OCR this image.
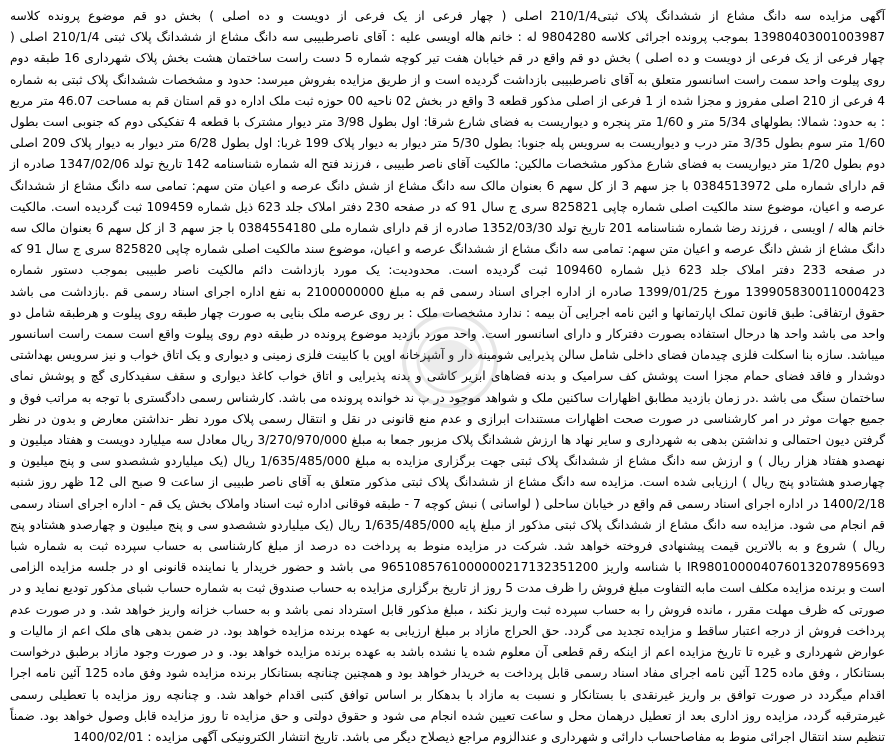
آگهی مزایده سه دانگ مشاع از ششدانگ پلاک ثبتی210/1/4 اصلی ( چهار فرعی از یک فرعی از دویست و ده اصلی ) بخش دو قم موضوع پرونده کلاسه 13980403001003987 بموجب پرونده اجرائی کلاسه 9804280 له : خانم هاله اویسی علیه : آقای ناصرطبیبی سه دانگ مشاع از ششدانگ پلاک ثبتی 210/1/4 اصلی ( چهار فرعی از یک فرعی از دویست و ده اصلی ) بخش دو قم واقع در قم خیابان هفت تیر کوچه شماره 5 دست راست ساختمان هشت بخش پلاک شهرداری 16 طبقه دوم روی پیلوت واحد سمت راست اسانسور متعلق به آقای ناصرطبیبی بازداشت گردیده است و از طریق مزایده بفروش میرسد: حدود و مشخصات ششدانگ پلاک ثبتی به شماره 4 فرعی از 210 اصلی مفروز و مجزا شده از 1 فرعی از اصلی مذکور قطعه 3 واقع در بخش 02 ناحیه 00 حوزه ثبت ملک اداره دو قم استان قم به مساحت 46.07 متر مربع : به حدود: شمالا: بطولهای 5/34 متر و 1/60 متر پنجره و دیواریست به فضای شارع شرقا: اول بطول 3/98 متر دیوار مشترک با قطعه 4 تفکیکی دوم که جنوبی است بطول 1/60 متر سوم بطول 3/35 متر درب و دیواریست به سرویس پله جنوبا: بطول 5/30 متر دیوار به دیوار پلاک 199 غربا: اول بطول 6/28 متر دیوار به دیوار پلاک 209 اصلی دوم بطول 1/20 متر دیواریست به فضای شارع مذکور مشخصات مالکین: مالکیت آقای ناصر طبیبی ، فرزند فتح اله شماره شناسنامه 142 تاریخ تولد 1347/02/06 صادره از قم دارای شماره ملی 0384513972 با جز سهم 3 از کل سهم 6 بعنوان مالک سه دانگ مشاع از شش دانگ عرصه و اعیان متن سهم: تمامی سه دانگ مشاع از ششدانگ عرصه و اعیان، موضوع سند مالکیت اصلی شماره چاپی 825821 سری ج سال 91 که در صفحه 230 دفتر املاک جلد 623 ذیل شماره 109459 ثبت گردیده است. مالکیت خانم هاله / اویسی ، فرزند رضا شماره شناسنامه 201 تاریخ تولد 1352/03/30 صادره از قم دارای شماره ملی 0384554180 با جز سهم 3 از کل سهم 6 بعنوان مالک سه دانگ مشاع از شش دانگ عرصه و اعیان متن سهم: تمامی سه دانگ مشاع از ششدانگ عرصه و اعیان، موضوع سند مالکیت اصلی شماره چاپی 825820 سری ج سال 91 که در صفحه 233 دفتر املاک جلد 623 ذیل شماره 109460 ثبت گردیده است. محدودیت: یک مورد بازداشت دائم مالکیت ناصر طبیبی بموجب دستور شماره 139905830011000423 مورخ 1399/01/25 صادره از اداره اجرای اسناد رسمی قم به مبلغ 2100000000 به نفع اداره اجرای اسناد رسمی قم .بازداشت می باشد حقوق ارتفاقی: طبق قانون تملک اپارتمانها و ائین نامه اجرایی آن بیمه : ندارد مشخصات ملک : بر روی عرصه ملک بنایی به صورت چهار طبقه روی پیلوت و هرطبقه شامل دو واحد می باشد واحد ها درحال استفاده بصورت دفترکار و دارای اسانسور است. واحد مورد بازدید موضوع پرونده در طبقه دوم روی پیلوت واقع است سمت راست اسانسور میباشد. سازه بنا اسکلت فلزی چیدمان فضای داخلی شامل سالن پذیرایی شومینه دار و آشپزخانه اوپن با کابینت فلزی زمینی و دیواری و یک اتاق خواب و نیز سرویس بهداشتی دوشدار و فاقد فضای حمام مجزا است پوشش کف سرامیک و بدنه فضاهای ابزیر کاشی و بدنه پذیرایی و اتاق خواب کاغذ دیواری و سقف سفیدکاری گچ و پوشش نمای ساختمان سنگ می باشد .در زمان بازدید مطابق اظهارات ساکنین ملک و شواهد موجود در پ ند خوانده پرونده می باشد. کارشناس رسمی دادگستری با توجه به مراتب فوق و جمیع جهات موثر در امر کارشناسی در صورت صحت اظهارات مستندات ابرازی و عدم منع قانونی در نقل و انتقال رسمی پلاک مورد نظر -نداشتن معارض و بدون در نظر گرفتن دیون احتمالی و نداشتن بدهی به شهرداری و سایر نهاد ها ارزش ششدانگ پلاک مزبور جمعا به مبلغ 3/270/970/000 ریال معادل سه میلیارد دویست و هفتاد میلیون و نهصدو هفتاد هزار ریال ) و ارزش سه دانگ مشاع از ششدانگ پلاک ثبتی جهت برگزاری مزایده به مبلغ 1/635/485/000 ریال (یک میلیاردو ششصدو سی و پنج میلیون و چهارصدو هشتادو پنج ریال ) ارزیابی شده است. مزایده سه دانگ مشاع از ششدانگ پلاک ثبتی مذکور متعلق به آقای ناصر طبیبی از ساعت 9 صبح الی 12 ظهر روز شنبه 1400/2/18 در اداره اجرای اسناد رسمی قم واقع در خیابان ساحلی ( لواسانی ) نبش کوچه 7 - طبقه فوقانی اداره ثبت اسناد واملاک بخش یک قم - اداره اجرای اسناد رسمی قم انجام می شود. مزایده سه دانگ مشاع از ششدانگ پلاک ثبتی مذکور از مبلغ پایه 1/635/485/000 ریال (یک میلیاردو ششصدو سی و پنج میلیون و چهارصدو هشتادو پنج ریال ) شروع و به بالاترین قیمت پیشنهادی فروخته خواهد شد. شرکت در مزایده منوط به پرداخت ده درصد از مبلغ کارشناسی به حساب سپرده ثبت به شماره شبا IR980100004076013207895693 با شناسه واریز 9651085761000000217132351200 می باشد و حضور خریدار یا نماینده قانونی او در جلسه مزایده الزامی است و برنده مزایده مکلف است مابه التفاوت مبلغ فروش را ظرف مدت 5 روز از تاریخ برگزاری مزایده به حساب صندوق ثبت به شماره حساب شبای مذکور تودیع نماید و در صورتی که ظرف مهلت مقرر ، مانده فروش را به حساب سپرده ثبت واریز نکند ، مبلغ مذکور قابل استرداد نمی باشد و به حساب خزانه واریز خواهد شد. و در صورت عدم پرداخت فروش از درجه اعتبار ساقط و مزایده تجدید می گردد. حق الحراج مازاد بر مبلغ ارزیابی به عهده برنده مزایده خواهد بود. در ضمن بدهی های ملک اعم از مالیات و عوارض شهرداری و غیره تا تاریخ مزایده اعم از اینکه رقم قطعی آن معلوم شده یا نشده باشد به عهده برنده مزایده خواهد بود. و در صورت وجود مازاد برطبق درخواست بستانکار ، وفق ماده 125 آئین نامه اجرای مفاد اسناد رسمی قابل پرداخت به خریدار خواهد بود و همچنین چنانچه بستانکار برنده مزایده شود وفق ماده 125 آئین نامه اجرا اقدام میگردد در صورت توافق بر واریز غیرنقدی با بستانکار و نسبت به مازاد با بدهکار بر اساس توافق کتبی اقدام خواهد شد. و چنانچه روز مزایده با تعطیلی رسمی غیرمترقبه گردد، مزایده روز اداری بعد از تعطیل درهمان محل و ساعت تعیین شده انجام می شود و حقوق دولتی و حق مزایده تا روز مزایده قابل وصول خواهد بود. ضمناً تنظیم سند انتقال اجرائی منوط به مفاصاحساب دارائی و شهرداری و عندالزوم مراجع ذیصلاح دیگر می باشد. تاریخ انتشار الکترونیکی آگهی مزایده : 1400/02/01
